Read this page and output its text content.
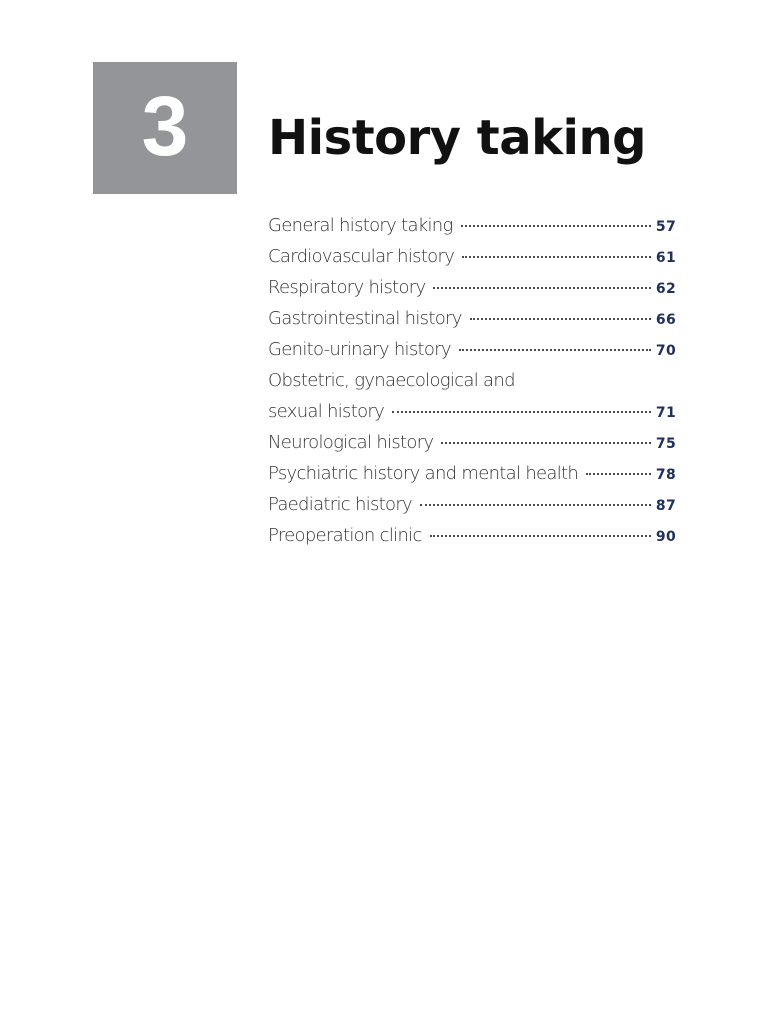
3 History taking
General history taking	57
Cardiovascular history	61
Respiratory history	62
Gastrointestinal history	66
Genito-urinary history	70
Obstetric, gynaecological and
sexual history	71
Neurological history	75
Psychiatric history and mental health	78
Paediatric history	87
Preoperation clinic	90
